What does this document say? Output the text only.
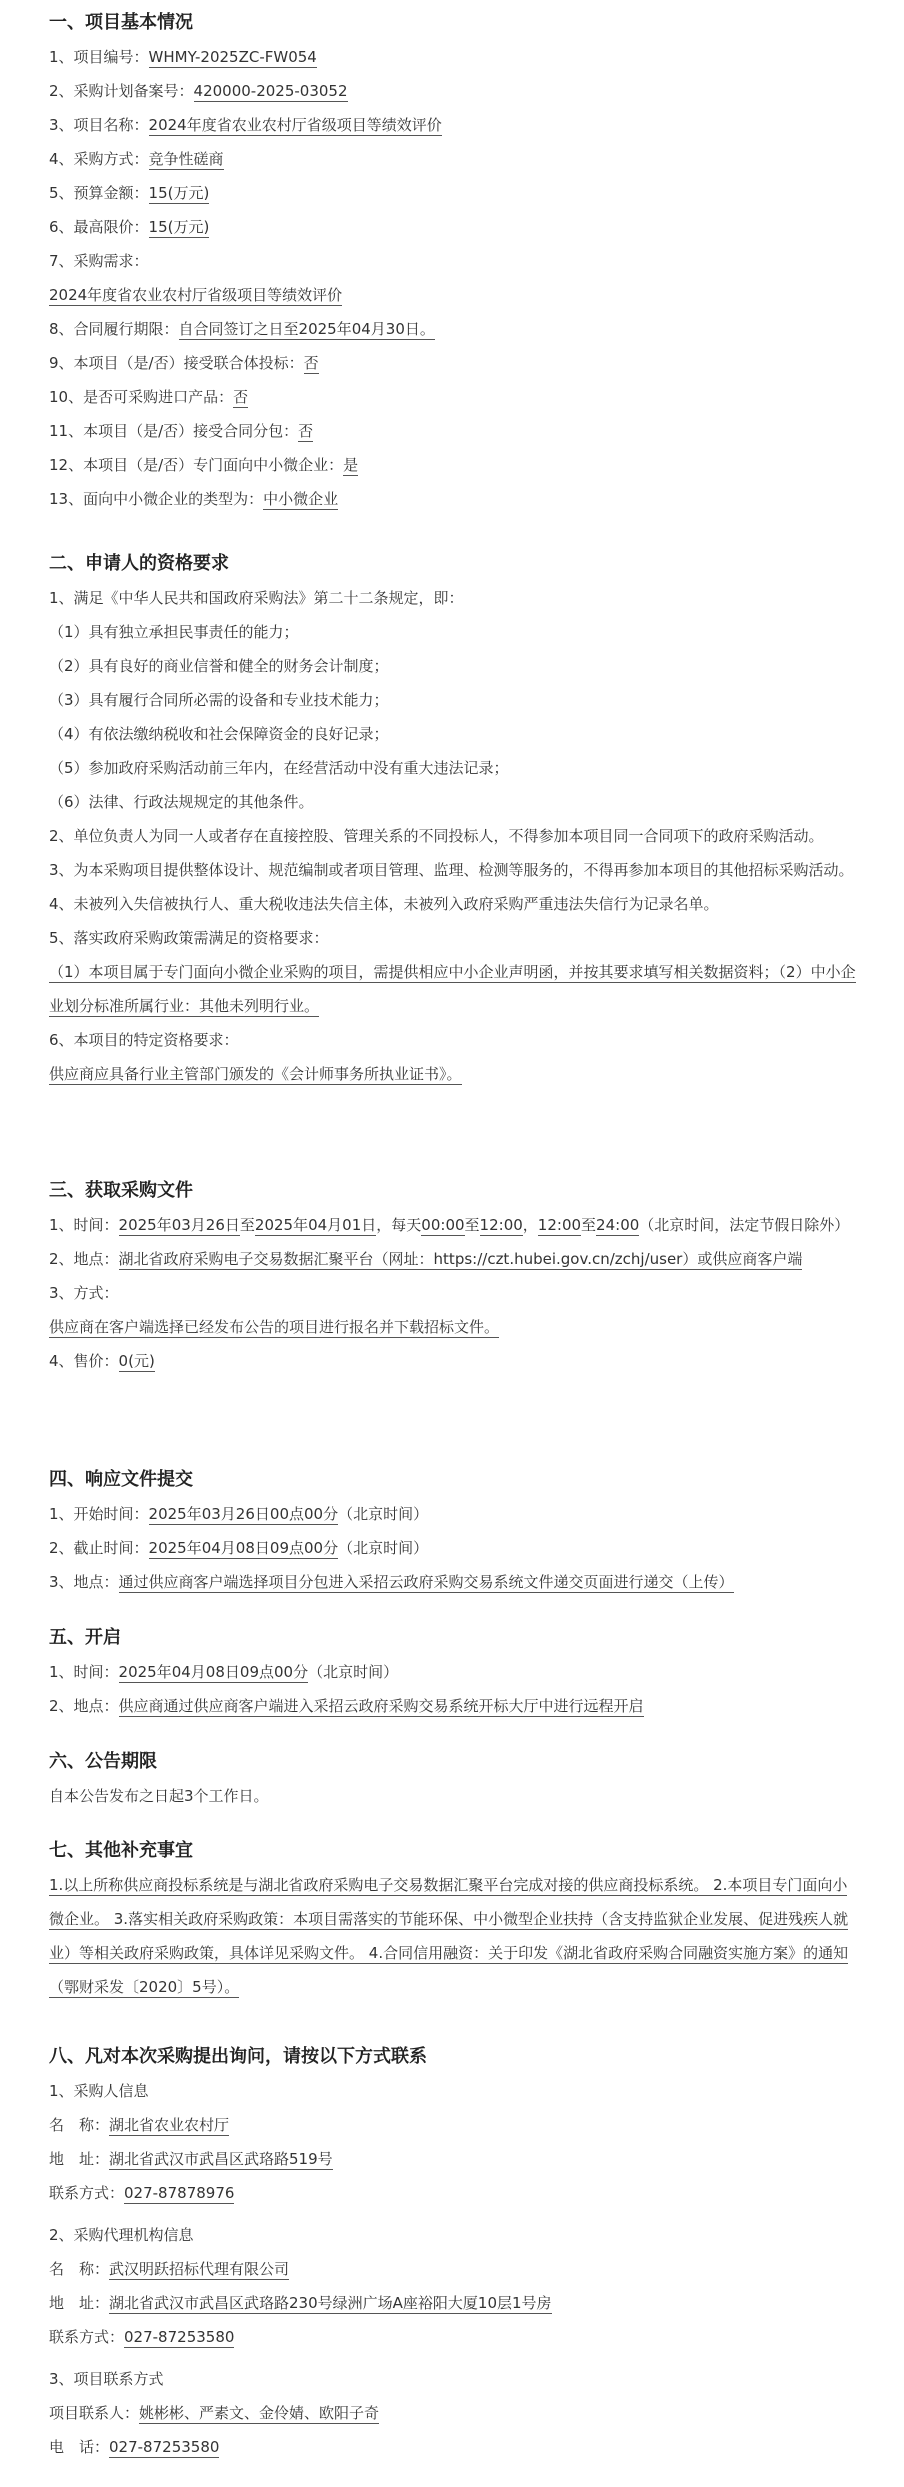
一、项目基本情况

1、项目编号：WHMY-2025ZC-FW054

2、采购计划备案号：420000-2025-03052

3、项目名称：2024年度省农业农村厅省级项目等绩效评价

4、采购方式：竞争性磋商

5、预算金额：15(万元)

6、最高限价：15(万元)

7、采购需求：

2024年度省农业农村厅省级项目等绩效评价

8、合同履行期限：自合同签订之日至2025年04月30日。

9、本项目（是/否）接受联合体投标：否

10、是否可采购进口产品：否

11、本项目（是/否）接受合同分包：否

12、本项目（是/否）专门面向中小微企业：是

13、面向中小微企业的类型为：中小微企业

二、申请人的资格要求

1、满足《中华人民共和国政府采购法》第二十二条规定，即：

（1）具有独立承担民事责任的能力；

（2）具有良好的商业信誉和健全的财务会计制度；

（3）具有履行合同所必需的设备和专业技术能力；

（4）有依法缴纳税收和社会保障资金的良好记录；

（5）参加政府采购活动前三年内，在经营活动中没有重大违法记录；

（6）法律、行政法规规定的其他条件。

2、单位负责人为同一人或者存在直接控股、管理关系的不同投标人，不得参加本项目同一合同项下的政府采购活动。

3、为本采购项目提供整体设计、规范编制或者项目管理、监理、检测等服务的，不得再参加本项目的其他招标采购活动。

4、未被列入失信被执行人、重大税收违法失信主体，未被列入政府采购严重违法失信行为记录名单。

5、落实政府采购政策需满足的资格要求：

（1）本项目属于专门面向小微企业采购的项目，需提供相应中小企业声明函，并按其要求填写相关数据资料；（2）中小企业划分标准所属行业：其他未列明行业。

6、本项目的特定资格要求：

供应商应具备行业主管部门颁发的《会计师事务所执业证书》。

三、获取采购文件

1、时间：2025年03月26日至2025年04月01日，每天00:00至12:00，12:00至24:00（北京时间，法定节假日除外）

2、地点：湖北省政府采购电子交易数据汇聚平台（网址：https://czt.hubei.gov.cn/zchj/user）或供应商客户端

3、方式：

供应商在客户端选择已经发布公告的项目进行报名并下载招标文件。

4、售价：0(元)

四、响应文件提交

1、开始时间：2025年03月26日00点00分（北京时间）

2、截止时间：2025年04月08日09点00分（北京时间）

3、地点：通过供应商客户端选择项目分包进入采招云政府采购交易系统文件递交页面进行递交（上传）

五、开启

1、时间：2025年04月08日09点00分（北京时间）

2、地点：供应商通过供应商客户端进入采招云政府采购交易系统开标大厅中进行远程开启

六、公告期限

自本公告发布之日起3个工作日。

七、其他补充事宜

1.以上所称供应商投标系统是与湖北省政府采购电子交易数据汇聚平台完成对接的供应商投标系统。 2.本项目专门面向小微企业。 3.落实相关政府采购政策：本项目需落实的节能环保、中小微型企业扶持（含支持监狱企业发展、促进残疾人就业）等相关政府采购政策，具体详见采购文件。 4.合同信用融资：关于印发《湖北省政府采购合同融资实施方案》的通知（鄂财采发〔2020〕5号）。

八、凡对本次采购提出询问，请按以下方式联系

1、采购人信息

名　称：湖北省农业农村厅

地　址：湖北省武汉市武昌区武珞路519号

联系方式：027-87878976

2、采购代理机构信息

名　称：武汉明跃招标代理有限公司

地　址：湖北省武汉市武昌区武珞路230号绿洲广场A座裕阳大厦10层1号房

联系方式：027-87253580

3、项目联系方式

项目联系人：姚彬彬、严素文、金伶婧、欧阳子奇

电　话：027-87253580
